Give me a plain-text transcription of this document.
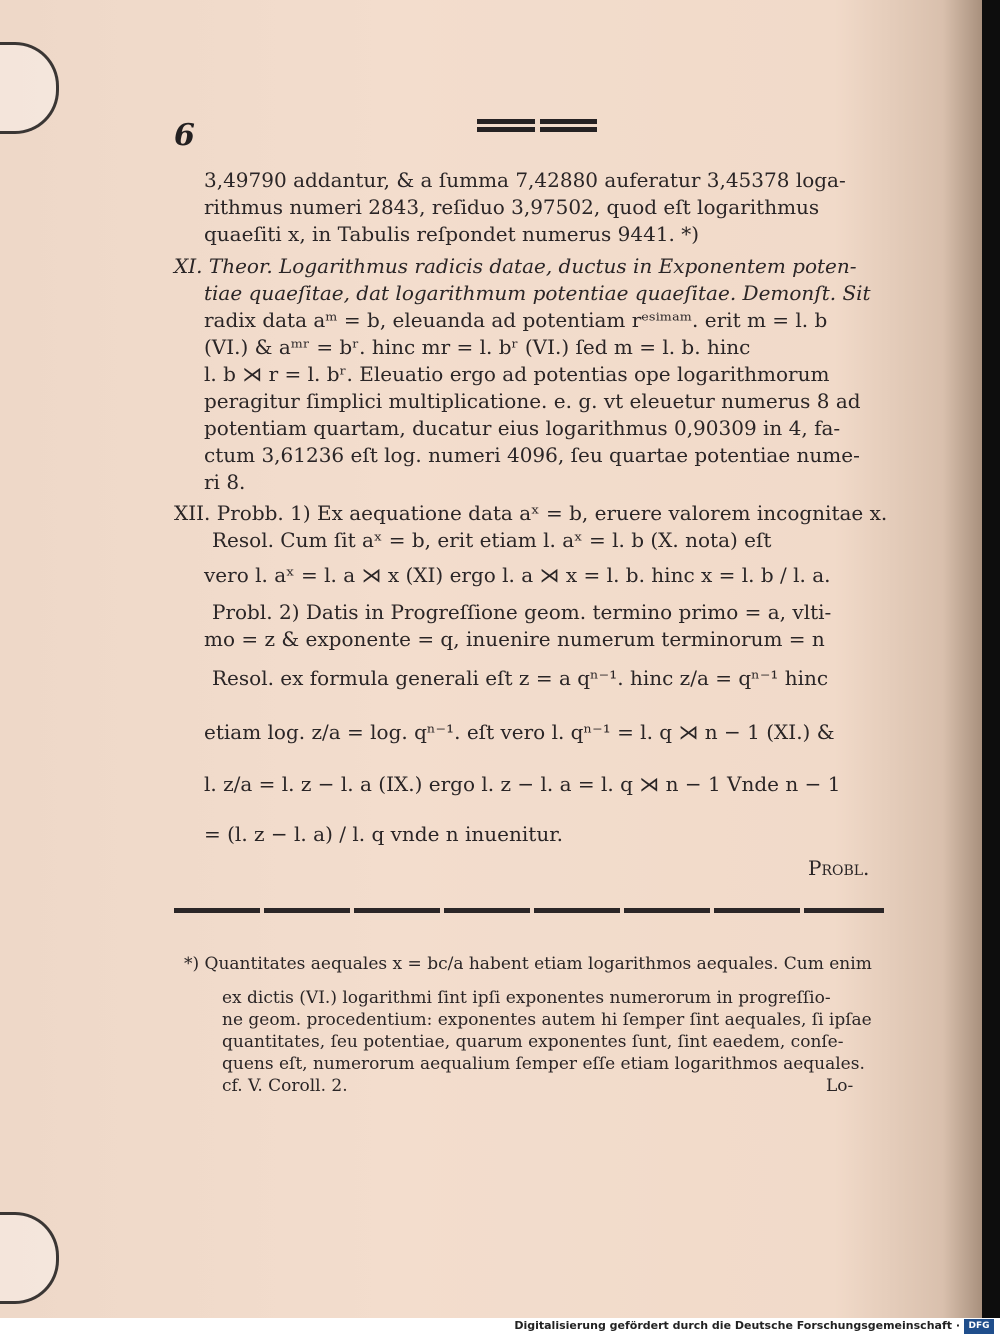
6
3,49790 addantur, & a ſumma 7,42880 auferatur 3,45378 loga-
rithmus numeri 2843, reſiduo 3,97502, quod eſt logarithmus
quaeſiti x, in Tabulis reſpondet numerus 9441. *)
XI. Theor. Logarithmus radicis datae, ductus in Exponentem poten-
tiae quaeſitae, dat logarithmum potentiae quaeſitae. Demonſt. Sit
radix data aᵐ = b, eleuanda ad potentiam rᵉˢⁱᵐᵃᵐ. erit m = l. b
(VI.) & aᵐʳ = bʳ. hinc mr = l. bʳ (VI.) ſed m = l. b. hinc
l. b ⋊ r = l. bʳ. Eleuatio ergo ad potentias ope logarithmorum
peragitur ſimplici multiplicatione. e. g. vt eleuetur numerus 8 ad
potentiam quartam, ducatur eius logarithmus 0,90309 in 4, fa-
ctum 3,61236 eſt log. numeri 4096, ſeu quartae potentiae nume-
ri 8.
XII. Probb. 1) Ex aequatione data aˣ = b, eruere valorem incognitae x.
Resol. Cum ſit aˣ = b, erit etiam l. aˣ = l. b (X. nota) eſt
vero l. aˣ = l. a ⋊ x (XI) ergo l. a ⋊ x = l. b. hinc x = l. b / l. a.
Probl. 2) Datis in Progreſſione geom. termino primo = a, vlti-
mo = z & exponente = q, inuenire numerum terminorum = n
Resol. ex formula generali eſt z = a qⁿ⁻¹. hinc z/a = qⁿ⁻¹ hinc
etiam log. z/a = log. qⁿ⁻¹. eſt vero l. qⁿ⁻¹ = l. q ⋊ n − 1 (XI.) &
l. z/a = l. z − l. a (IX.) ergo l. z − l. a = l. q ⋊ n − 1 Vnde n − 1
= (l. z − l. a) / l. q vnde n inuenitur.
Probl.
*) Quantitates aequales x = bc/a habent etiam logarithmos aequales. Cum enim
ex dictis (VI.) logarithmi ſint ipſi exponentes numerorum in progreſſio-
ne geom. procedentium: exponentes autem hi ſemper ſint aequales, ſi ipſae
quantitates, ſeu potentiae, quarum exponentes ſunt, ſint eaedem, conſe-
quens eſt, numerorum aequalium ſemper eſſe etiam logarithmos aequales.
cf. V. Coroll. 2.	Lo-
Digitalisierung gefördert durch die Deutsche Forschungsgemeinschaft · DFG
